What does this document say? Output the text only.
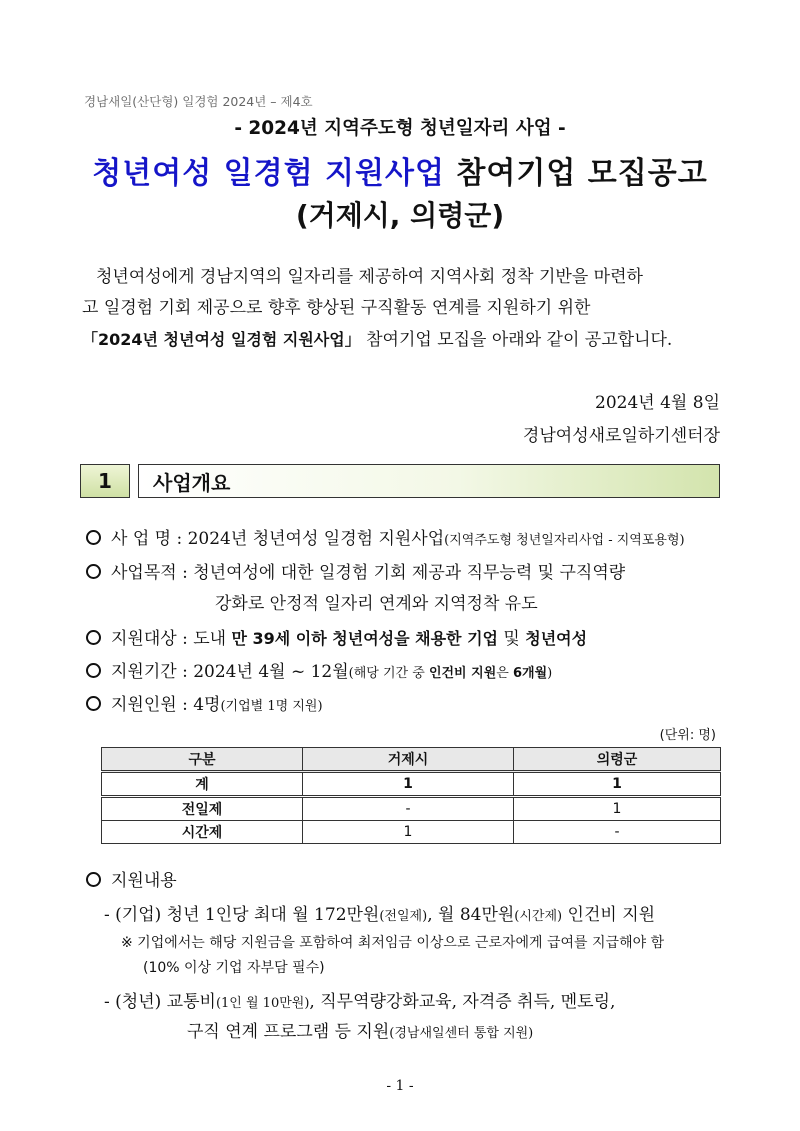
경남새일(산단형) 일경험 2024년 – 제4호
- 2024년 지역주도형 청년일자리 사업 -
청년여성 일경험 지원사업 참여기업 모집공고
(거제시, 의령군)

청년여성에게 경남지역의 일자리를 제공하여 지역사회 정착 기반을 마련하

고 일경험 기회 제공으로 향후 향상된 구직활동 연계를 지원하기 위한

「2024년 청년여성 일경험 지원사업」 참여기업 모집을 아래와 같이 공고합니다.

2024년 4월 8일
경남여성새로일하기센터장
1	사업개요
사 업 명 : 2024년 청년여성 일경험 지원사업(지역주도형 청년일자리사업 - 지역포용형)
사업목적 : 청년여성에 대한 일경험 기회 제공과 직무능력 및 구직역량
강화로 안정적 일자리 연계와 지역정착 유도
지원대상 : 도내 만 39세 이하 청년여성을 채용한 기업 및 청년여성
지원기간 : 2024년 4월 ~ 12월(해당 기간 중 인건비 지원은 6개월)
지원인원 : 4명(기업별 1명 지원)
(단위: 명)
구분	거제시	의령군
계	1	1
전일제	-	1
시간제	1	-
지원내용
- (기업) 청년 1인당 최대 월 172만원(전일제), 월 84만원(시간제) 인건비 지원
※ 기업에서는 해당 지원금을 포함하여 최저임금 이상으로 근로자에게 급여를 지급해야 함
(10% 이상 기업 자부담 필수)
- (청년) 교통비(1인 월 10만원), 직무역량강화교육, 자격증 취득, 멘토링,
구직 연계 프로그램 등 지원(경남새일센터 통합 지원)
- 1 -
